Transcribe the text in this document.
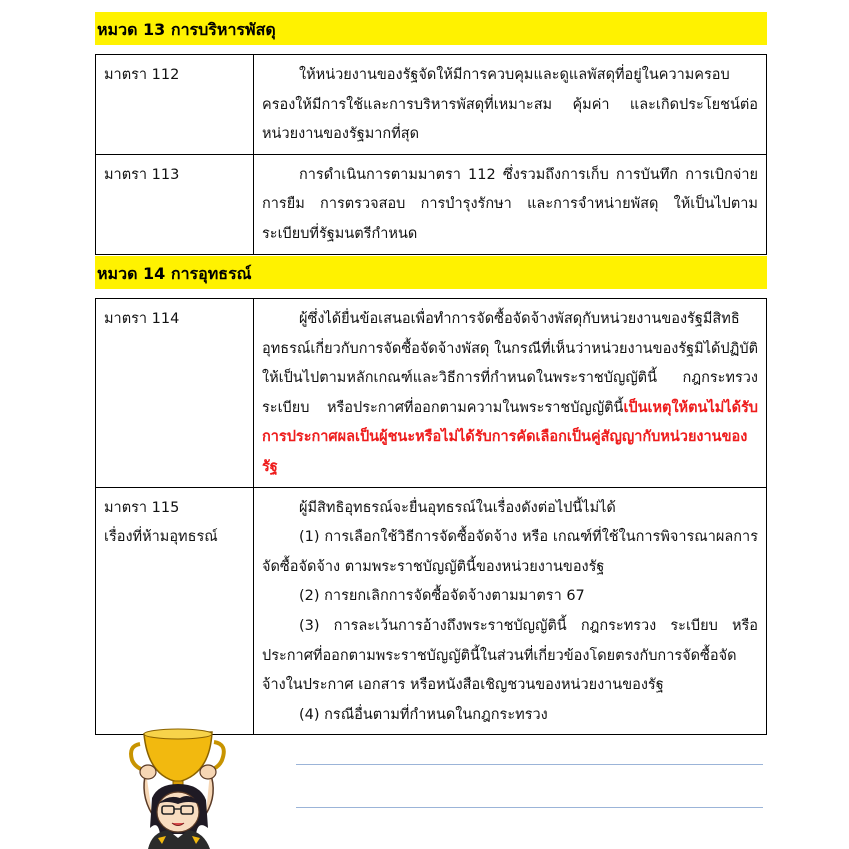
หมวด 13 การบริหารพัสดุ
มาตรา 112	ให้หน่วยงานของรัฐจัดให้มีการควบคุมและดูแลพัสดุที่อยู่ในความครอบครองให้มีการใช้และการบริหารพัสดุที่เหมาะสม คุ้มค่า และเกิดประโยชน์ต่อหน่วยงานของรัฐมากที่สุด

มาตรา 113	การดำเนินการตามมาตรา 112 ซึ่งรวมถึงการเก็บ การบันทึก การเบิกจ่าย การยืม การตรวจสอบ การบำรุงรักษา และการจำหน่ายพัสดุ ให้เป็นไปตามระเบียบที่รัฐมนตรีกำหนด
หมวด 14 การอุทธรณ์
มาตรา 114	ผู้ซึ่งได้ยื่นข้อเสนอเพื่อทำการจัดซื้อจัดจ้างพัสดุกับหน่วยงานของรัฐมีสิทธิอุทธรณ์เกี่ยวกับการจัดซื้อจัดจ้างพัสดุ ในกรณีที่เห็นว่าหน่วยงานของรัฐมิได้ปฏิบัติให้เป็นไปตามหลักเกณฑ์และวิธีการที่กำหนดในพระราชบัญญัตินี้ กฎกระทรวง ระเบียบ หรือประกาศที่ออกตามความในพระราชบัญญัตินี้เป็นเหตุให้ตนไม่ได้รับการประกาศผลเป็นผู้ชนะหรือไม่ได้รับการคัดเลือกเป็นคู่สัญญากับหน่วยงานของรัฐ

มาตรา 115
เรื่องที่ห้ามอุทธรณ์	ผู้มีสิทธิอุทธรณ์จะยื่นอุทธรณ์ในเรื่องดังต่อไปนี้ไม่ได้
(1) การเลือกใช้วิธีการจัดซื้อจัดจ้าง หรือ เกณฑ์ที่ใช้ในการพิจารณาผลการจัดซื้อจัดจ้าง ตามพระราชบัญญัตินี้ของหน่วยงานของรัฐ
(2) การยกเลิกการจัดซื้อจัดจ้างตามมาตรา 67
(3) การละเว้นการอ้างถึงพระราชบัญญัตินี้ กฎกระทรวง ระเบียบ หรือประกาศที่ออกตามพระราชบัญญัตินี้ในส่วนที่เกี่ยวข้องโดยตรงกับการจัดซื้อจัดจ้างในประกาศ เอกสาร หรือหนังสือเชิญชวนของหน่วยงานของรัฐ
(4) กรณีอื่นตามที่กำหนดในกฎกระทรวง
